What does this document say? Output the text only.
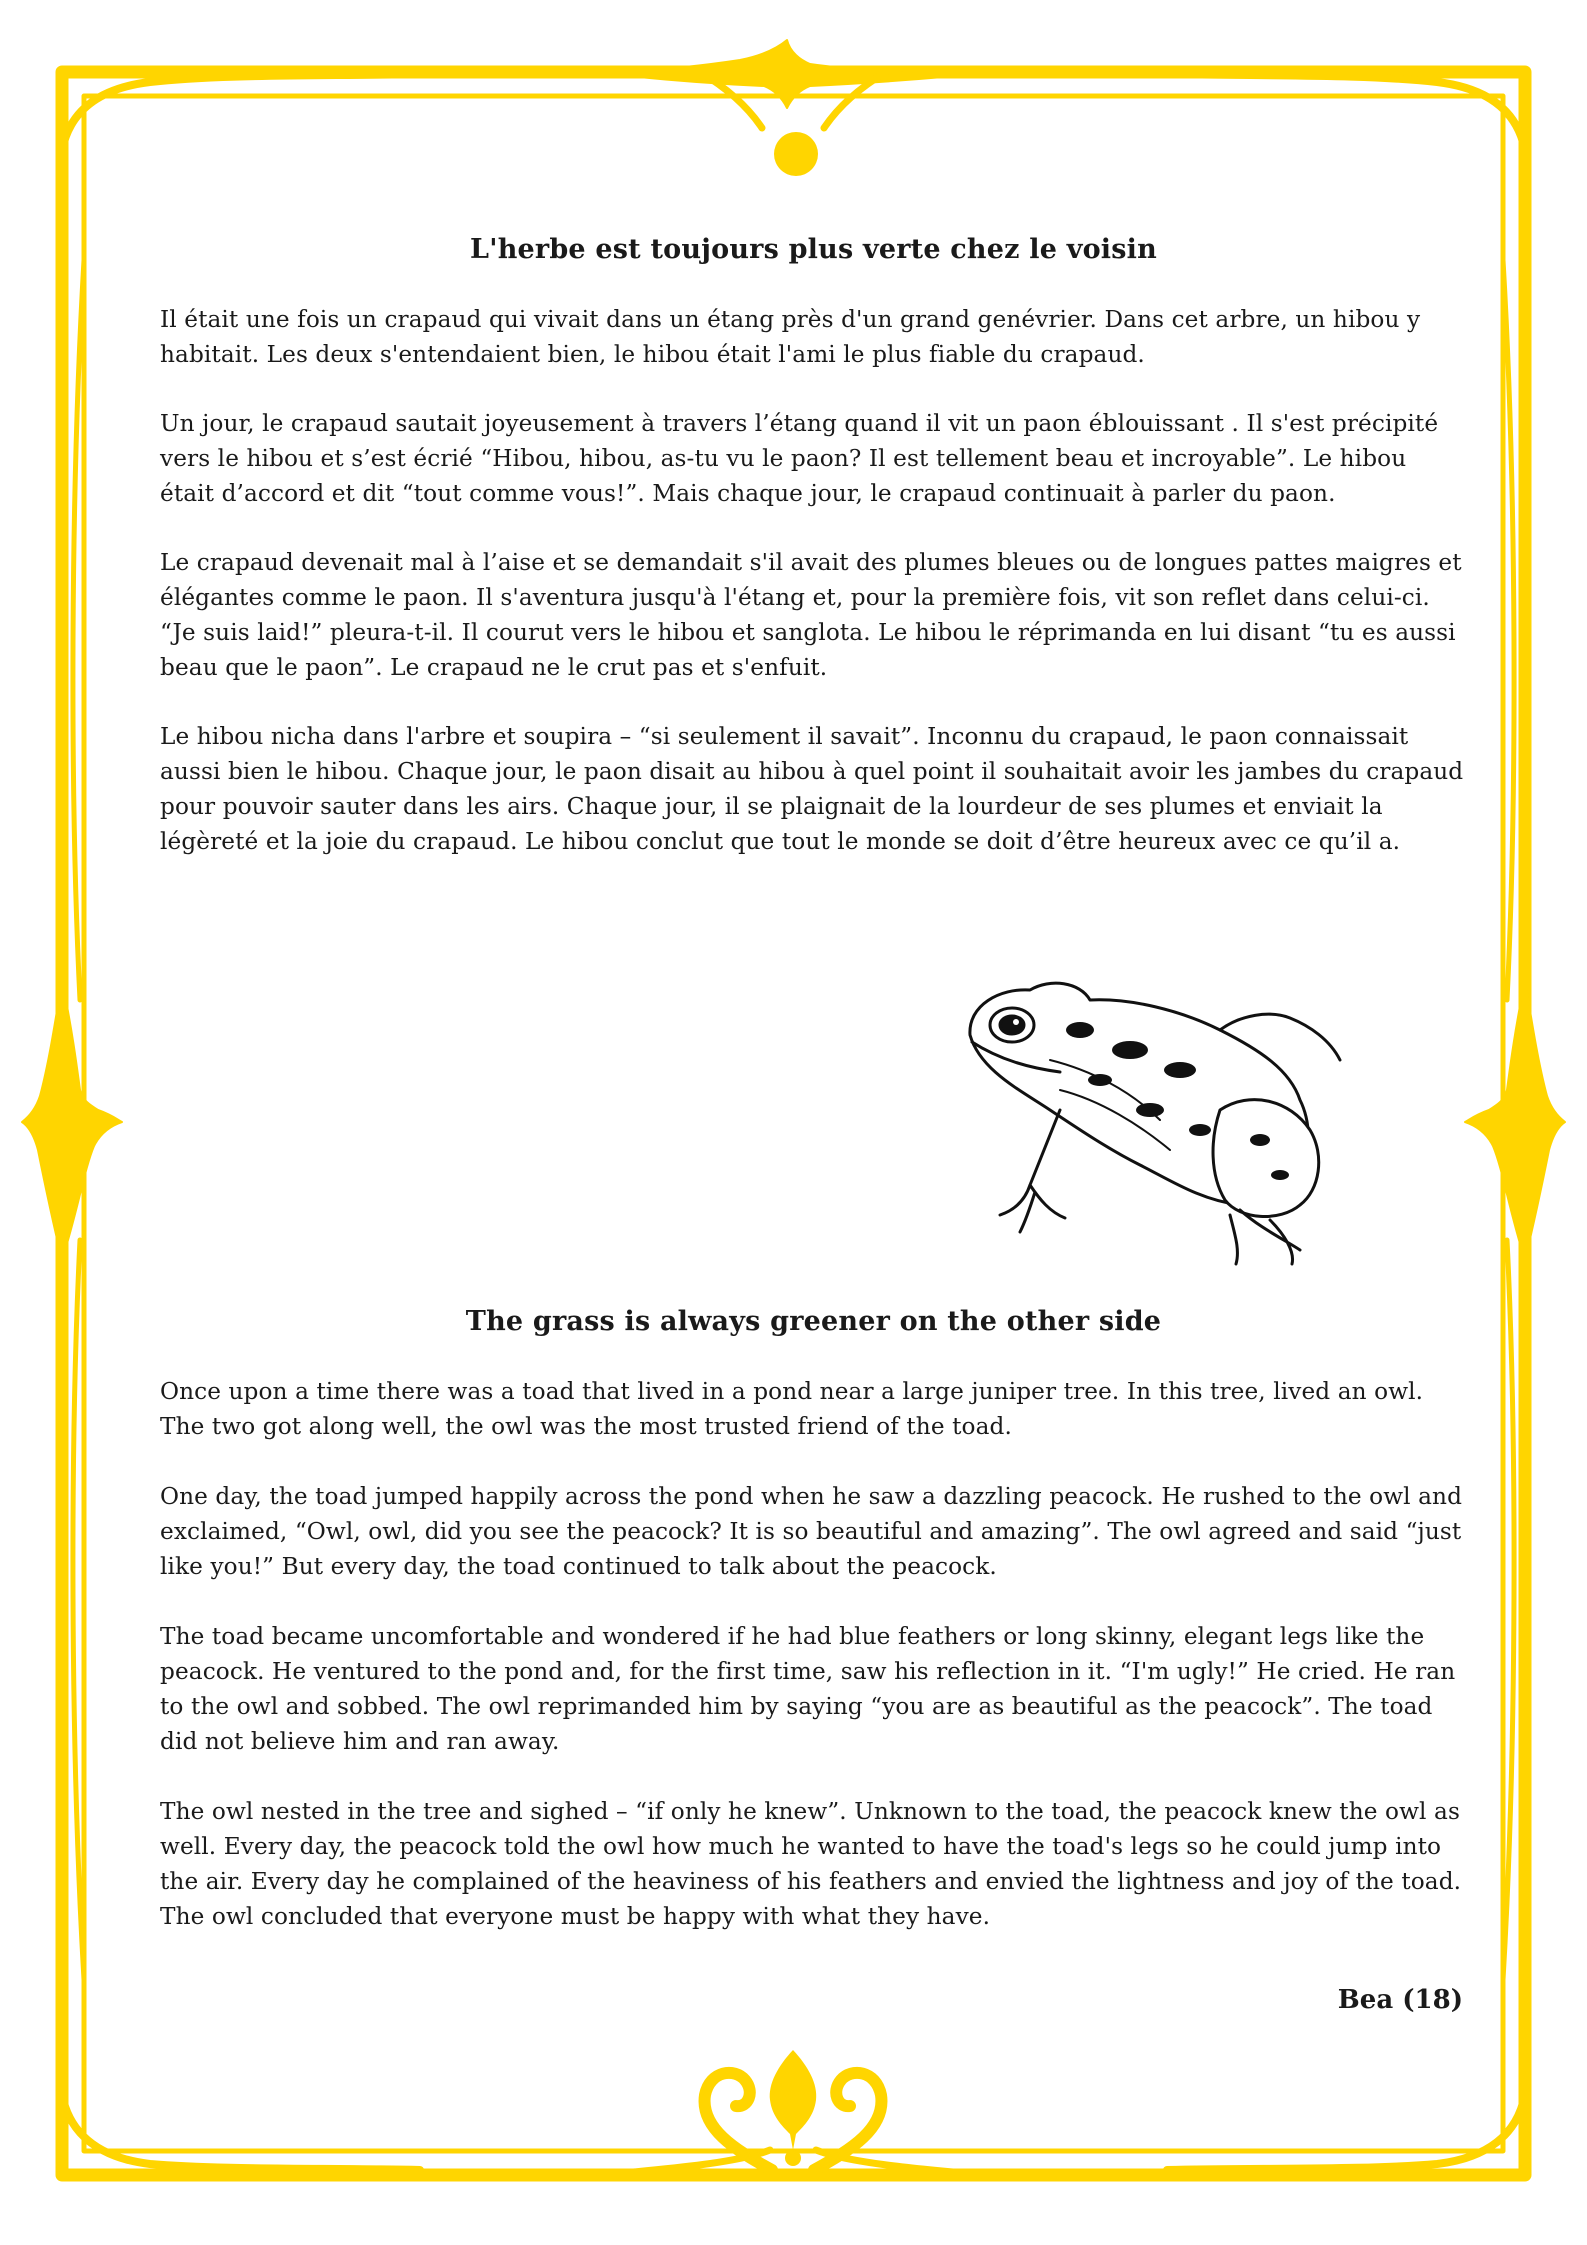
L'herbe est toujours plus verte chez le voisin

Il était une fois un crapaud qui vivait dans un étang près d'un grand genévrier. Dans cet arbre, un hibou y habitait. Les deux s'entendaient bien, le hibou était l'ami le plus fiable du crapaud.

Un jour, le crapaud sautait joyeusement à travers l’étang quand il vit un paon éblouissant . Il s'est précipité vers le hibou et s’est écrié “Hibou, hibou, as-tu vu le paon? Il est tellement beau et incroyable”. Le hibou était d’accord et dit “tout comme vous!”. Mais chaque jour, le crapaud continuait à parler du paon.

Le crapaud devenait mal à l’aise et se demandait s'il avait des plumes bleues ou de longues pattes maigres et élégantes comme le paon. Il s'aventura jusqu'à l'étang et, pour la première fois, vit son reflet dans celui-ci. “Je suis laid!” pleura-t-il. Il courut vers le hibou et sanglota. Le hibou le réprimanda en lui disant “tu es aussi beau que le paon”. Le crapaud ne le crut pas et s'enfuit.

Le hibou nicha dans l'arbre et soupira – “si seulement il savait”. Inconnu du crapaud, le paon connaissait aussi bien le hibou. Chaque jour, le paon disait au hibou à quel point il souhaitait avoir les jambes du crapaud pour pouvoir sauter dans les airs. Chaque jour, il se plaignait de la lourdeur de ses plumes et enviait la légèreté et la joie du crapaud. Le hibou conclut que tout le monde se doit d’être heureux avec ce qu’il a.

The grass is always greener on the other side

Once upon a time there was a toad that lived in a pond near a large juniper tree. In this tree, lived an owl. The two got along well, the owl was the most trusted friend of the toad.

One day, the toad jumped happily across the pond when he saw a dazzling peacock. He rushed to the owl and exclaimed, “Owl, owl, did you see the peacock? It is so beautiful and amazing”. The owl agreed and said “just like you!” But every day, the toad continued to talk about the peacock.

The toad became uncomfortable and wondered if he had blue feathers or long skinny, elegant legs like the peacock. He ventured to the pond and, for the first time, saw his reflection in it. “I'm ugly!” He cried. He ran to the owl and sobbed. The owl reprimanded him by saying “you are as beautiful as the peacock”. The toad did not believe him and ran away.

The owl nested in the tree and sighed – “if only he knew”. Unknown to the toad, the peacock knew the owl as well. Every day, the peacock told the owl how much he wanted to have the toad's legs so he could jump into the air. Every day he complained of the heaviness of his feathers and envied the lightness and joy of the toad. The owl concluded that everyone must be happy with what they have.

Bea (18)
